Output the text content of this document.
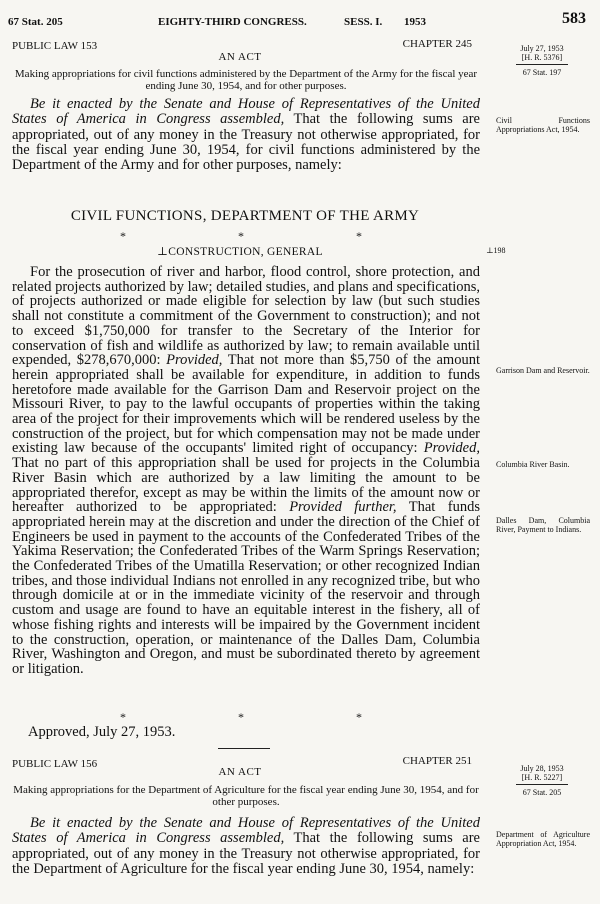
67 Stat. 205	EIGHTY-THIRD CONGRESS.	SESS. I. 1953	583
PUBLIC LAW 153	CHAPTER 245
AN ACT
Making appropriations for civil functions administered by the Department of the Army for the fiscal year ending June 30, 1954, and for other purposes.

Be it enacted by the Senate and House of Representatives of the United States of America in Congress assembled, That the following sums are appropriated, out of any money in the Treasury not otherwise appropriated, for the fiscal year ending June 30, 1954, for civil functions administered by the Department of the Army and for other purposes, namely:

CIVIL FUNCTIONS, DEPARTMENT OF THE ARMY
*	*	*
⊥CONSTRUCTION, GENERAL

For the prosecution of river and harbor, flood control, shore protection, and related projects authorized by law; detailed studies, and plans and specifications, of projects authorized or made eligible for selection by law (but such studies shall not constitute a commitment of the Government to construction); and not to exceed $1,750,000 for transfer to the Secretary of the Interior for conservation of fish and wildlife as authorized by law; to remain available until expended, $278,670,000: Provided, That not more than $5,750 of the amount herein appropriated shall be available for expenditure, in addition to funds heretofore made available for the Garrison Dam and Reservoir project on the Missouri River, to pay to the lawful occupants of properties within the taking area of the project for their improvements which will be rendered useless by the construction of the project, but for which compensation may not be made under existing law because of the occupants' limited right of occupancy: Provided, That no part of this appropriation shall be used for projects in the Columbia River Basin which are authorized by a law limiting the amount to be appropriated therefor, except as may be within the limits of the amount now or hereafter authorized to be appropriated: Provided further, That funds appropriated herein may at the discretion and under the direction of the Chief of Engineers be used in payment to the accounts of the Confederated Tribes of the Yakima Reservation; the Confederated Tribes of the Warm Springs Reservation; the Confederated Tribes of the Umatilla Reservation; or other recognized Indian tribes, and those individual Indians not enrolled in any recognized tribe, but who through domicile at or in the immediate vicinity of the reservoir and through custom and usage are found to have an equitable interest in the fishery, all of whose fishing rights and interests will be impaired by the Government incident to the construction, operation, or maintenance of the Dalles Dam, Columbia River, Washington and Oregon, and must be subordinated thereto by agreement or litigation.

*	*	*
Approved, July 27, 1953.
PUBLIC LAW 156	CHAPTER 251
AN ACT
Making appropriations for the Department of Agriculture for the fiscal year ending June 30, 1954, and for other purposes.

Be it enacted by the Senate and House of Representatives of the United States of America in Congress assembled, That the following sums are appropriated, out of any money in the Treasury not otherwise appropriated, for the Department of Agriculture for the fiscal year ending June 30, 1954, namely:

July 27, 1953
[H. R. 5376]
67 Stat. 197
Civil Functions Appropriations Act, 1954.
⊥198
Garrison Dam and Reservoir.
Columbia River Basin.
Dalles Dam, Columbia River, Payment to Indians.
July 28, 1953
[H. R. 5227]
67 Stat. 205
Department of Agriculture Appropriation Act, 1954.
